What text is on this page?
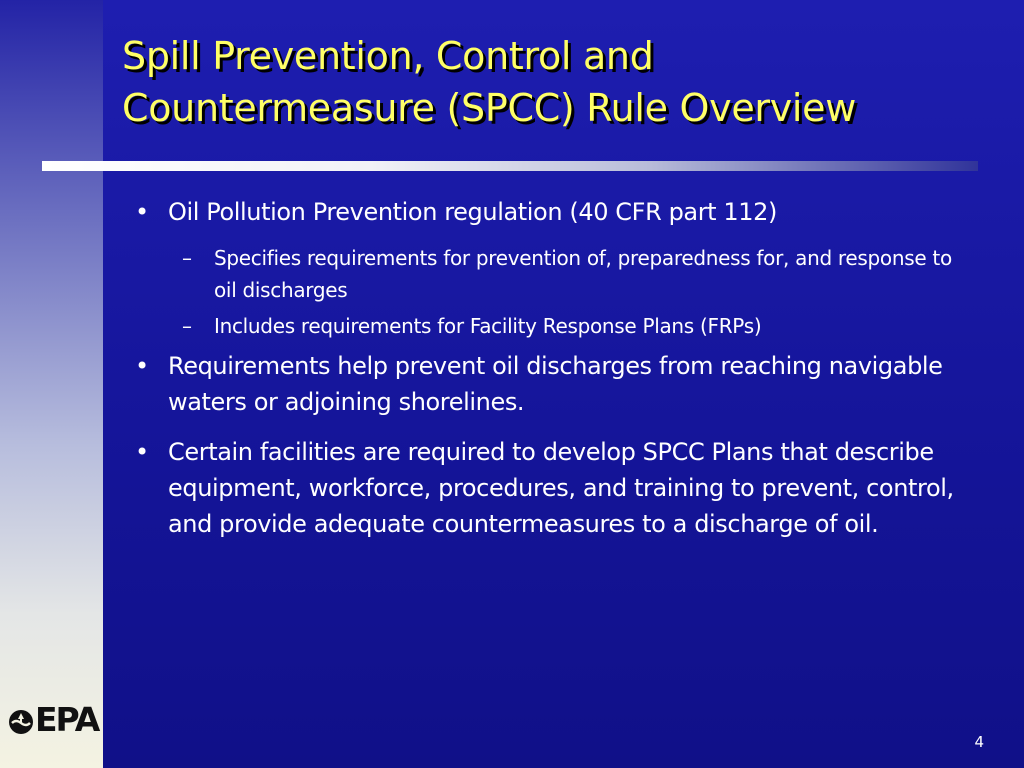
Spill Prevention, Control and
Countermeasure (SPCC) Rule Overview
• Oil Pollution Prevention regulation (40 CFR part 112)
– Specifies requirements for prevention of, preparedness for, and response to oil discharges
– Includes requirements for Facility Response Plans (FRPs)
• Requirements help prevent oil discharges from reaching navigable waters or adjoining shorelines.
• Certain facilities are required to develop SPCC Plans that describe equipment, workforce, procedures, and training to prevent, control, and provide adequate countermeasures to a discharge of oil.
EPA
4
